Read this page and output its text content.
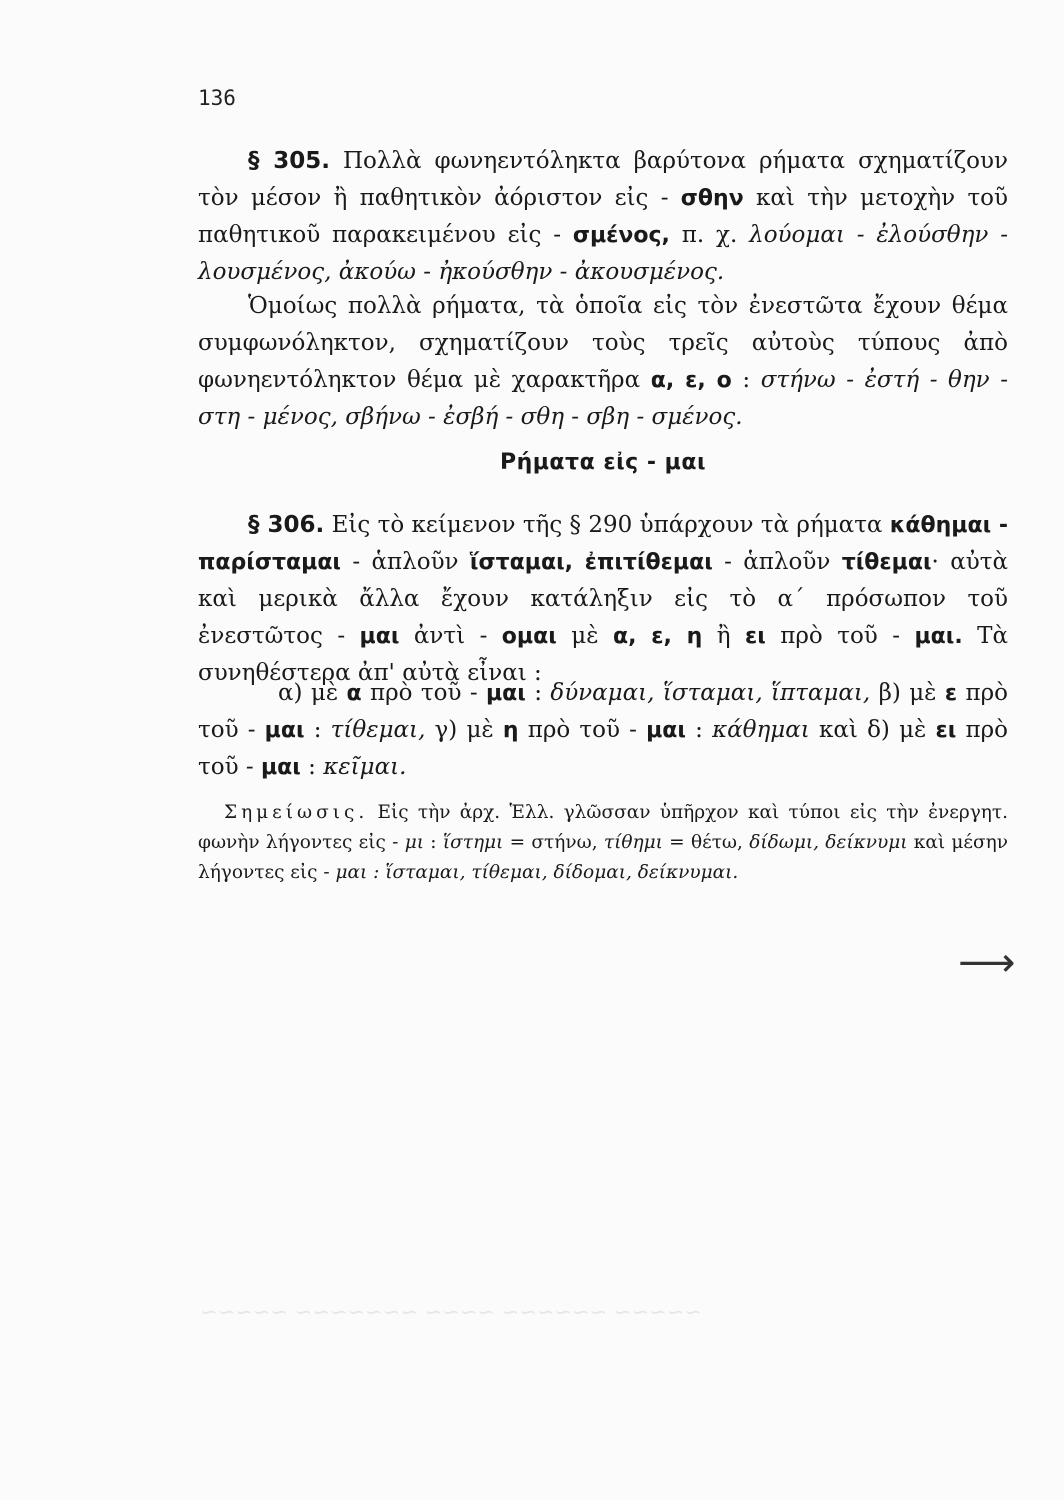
~~~~~ ~~~~~~ ~~~~ ~~~~~~~ ~~~~~
136
§ 305. Πολλὰ φωνηεντόληκτα βαρύτονα ρήματα σχηματίζουν τὸν μέσον ἢ παθητικὸν ἀόριστον εἰς - σθην καὶ τὴν μετοχὴν τοῦ παθητικοῦ παρακειμένου εἰς - σμένος, π. χ. λούομαι - ἐλούσθην - λουσμένος, ἀκούω - ἠκούσθην - ἀκουσμένος.
Ὁμοίως πολλὰ ρήματα, τὰ ὁποῖα εἰς τὸν ἐνεστῶτα ἔχουν θέμα συμφωνόληκτον, σχηματίζουν τοὺς τρεῖς αὐτοὺς τύπους ἀπὸ φωνηεντόληκτον θέμα μὲ χαρακτῆρα α, ε, ο : στήνω - ἐστή - θην - στη - μένος, σβήνω - ἐσβή - σθη - σβη - σμένος.
Ρήματα εἰς - μαι
§ 306. Εἰς τὸ κείμενον τῆς § 290 ὑπάρχουν τὰ ρήματα κάθημαι - παρίσταμαι - ἁπλοῦν ἵσταμαι, ἐπιτίθεμαι - ἁπλοῦν τίθεμαι· αὐτὰ καὶ μερικὰ ἄλλα ἔχουν κατάληξιν εἰς τὸ α΄ πρόσωπον τοῦ ἐνεστῶτος - μαι ἀντὶ - ομαι μὲ α, ε, η ἢ ει πρὸ τοῦ - μαι. Τὰ συνηθέστερα ἀπ' αὐτὰ εἶναι :
α) μὲ α πρὸ τοῦ - μαι : δύναμαι, ἵσταμαι, ἵπταμαι, β) μὲ ε πρὸ τοῦ - μαι : τίθεμαι, γ) μὲ η πρὸ τοῦ - μαι : κάθημαι καὶ δ) μὲ ει πρὸ τοῦ - μαι : κεῖμαι.
Σημείωσις. Εἰς τὴν ἀρχ. Ἑλλ. γλῶσσαν ὑπῆρχον καὶ τύποι εἰς τὴν ἐνεργητ. φωνὴν λήγοντες εἰς - μι : ἵστημι = στήνω, τίθημι = θέτω, δίδωμι, δείκνυμι καὶ μέσην λήγοντες εἰς - μαι : ἵσταμαι, τίθεμαι, δίδομαι, δείκνυμαι.
⟶
